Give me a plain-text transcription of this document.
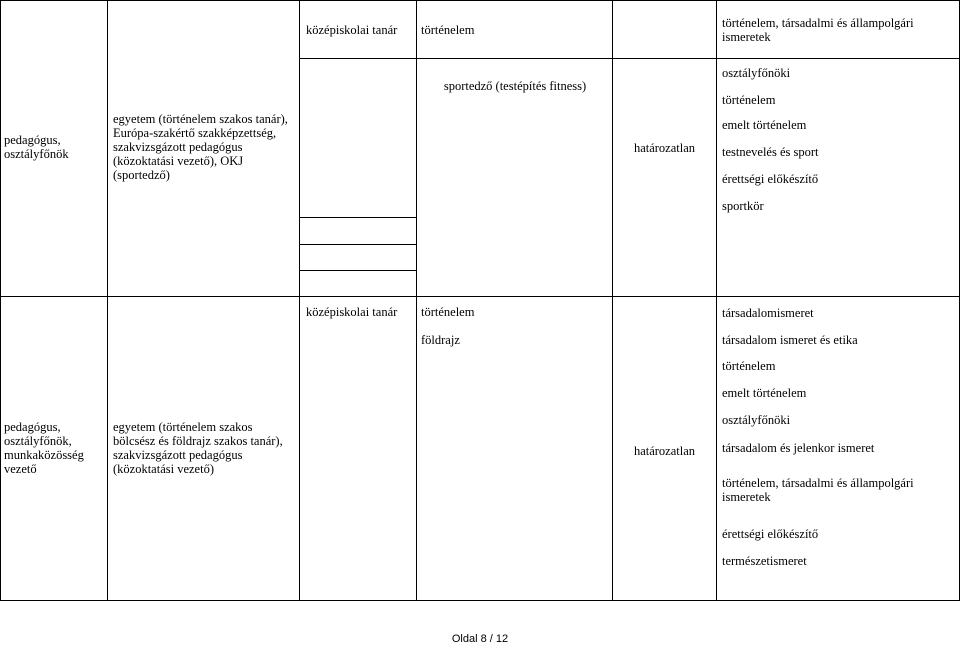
pedagógus, osztályfőnök
egyetem (történelem szakos tanár), Európa-szakértő szakképzettség, szakvizsgázott pedagógus (közoktatási vezető), OKJ (sportedző)
középiskolai tanár történelem
sportedző (testépítés fitness)
határozatlan
történelem, társadalmi és állampolgári ismeretek
osztályfőnöki
történelem
emelt történelem
testnevelés és sport
érettségi előkészítő
sportkör
pedagógus, osztályfőnök, munkaközösség vezető
egyetem (történelem szakos bölcsész és földrajz szakos tanár), szakvizsgázott pedagógus (közoktatási vezető)
középiskolai tanár történelem
földrajz
határozatlan
társadalomismeret
társadalom ismeret és etika
történelem
emelt történelem
osztályfőnöki
társadalom és jelenkor ismeret
történelem, társadalmi és állampolgári ismeretek
érettségi előkészítő
természetismeret
Oldal 8 / 12
